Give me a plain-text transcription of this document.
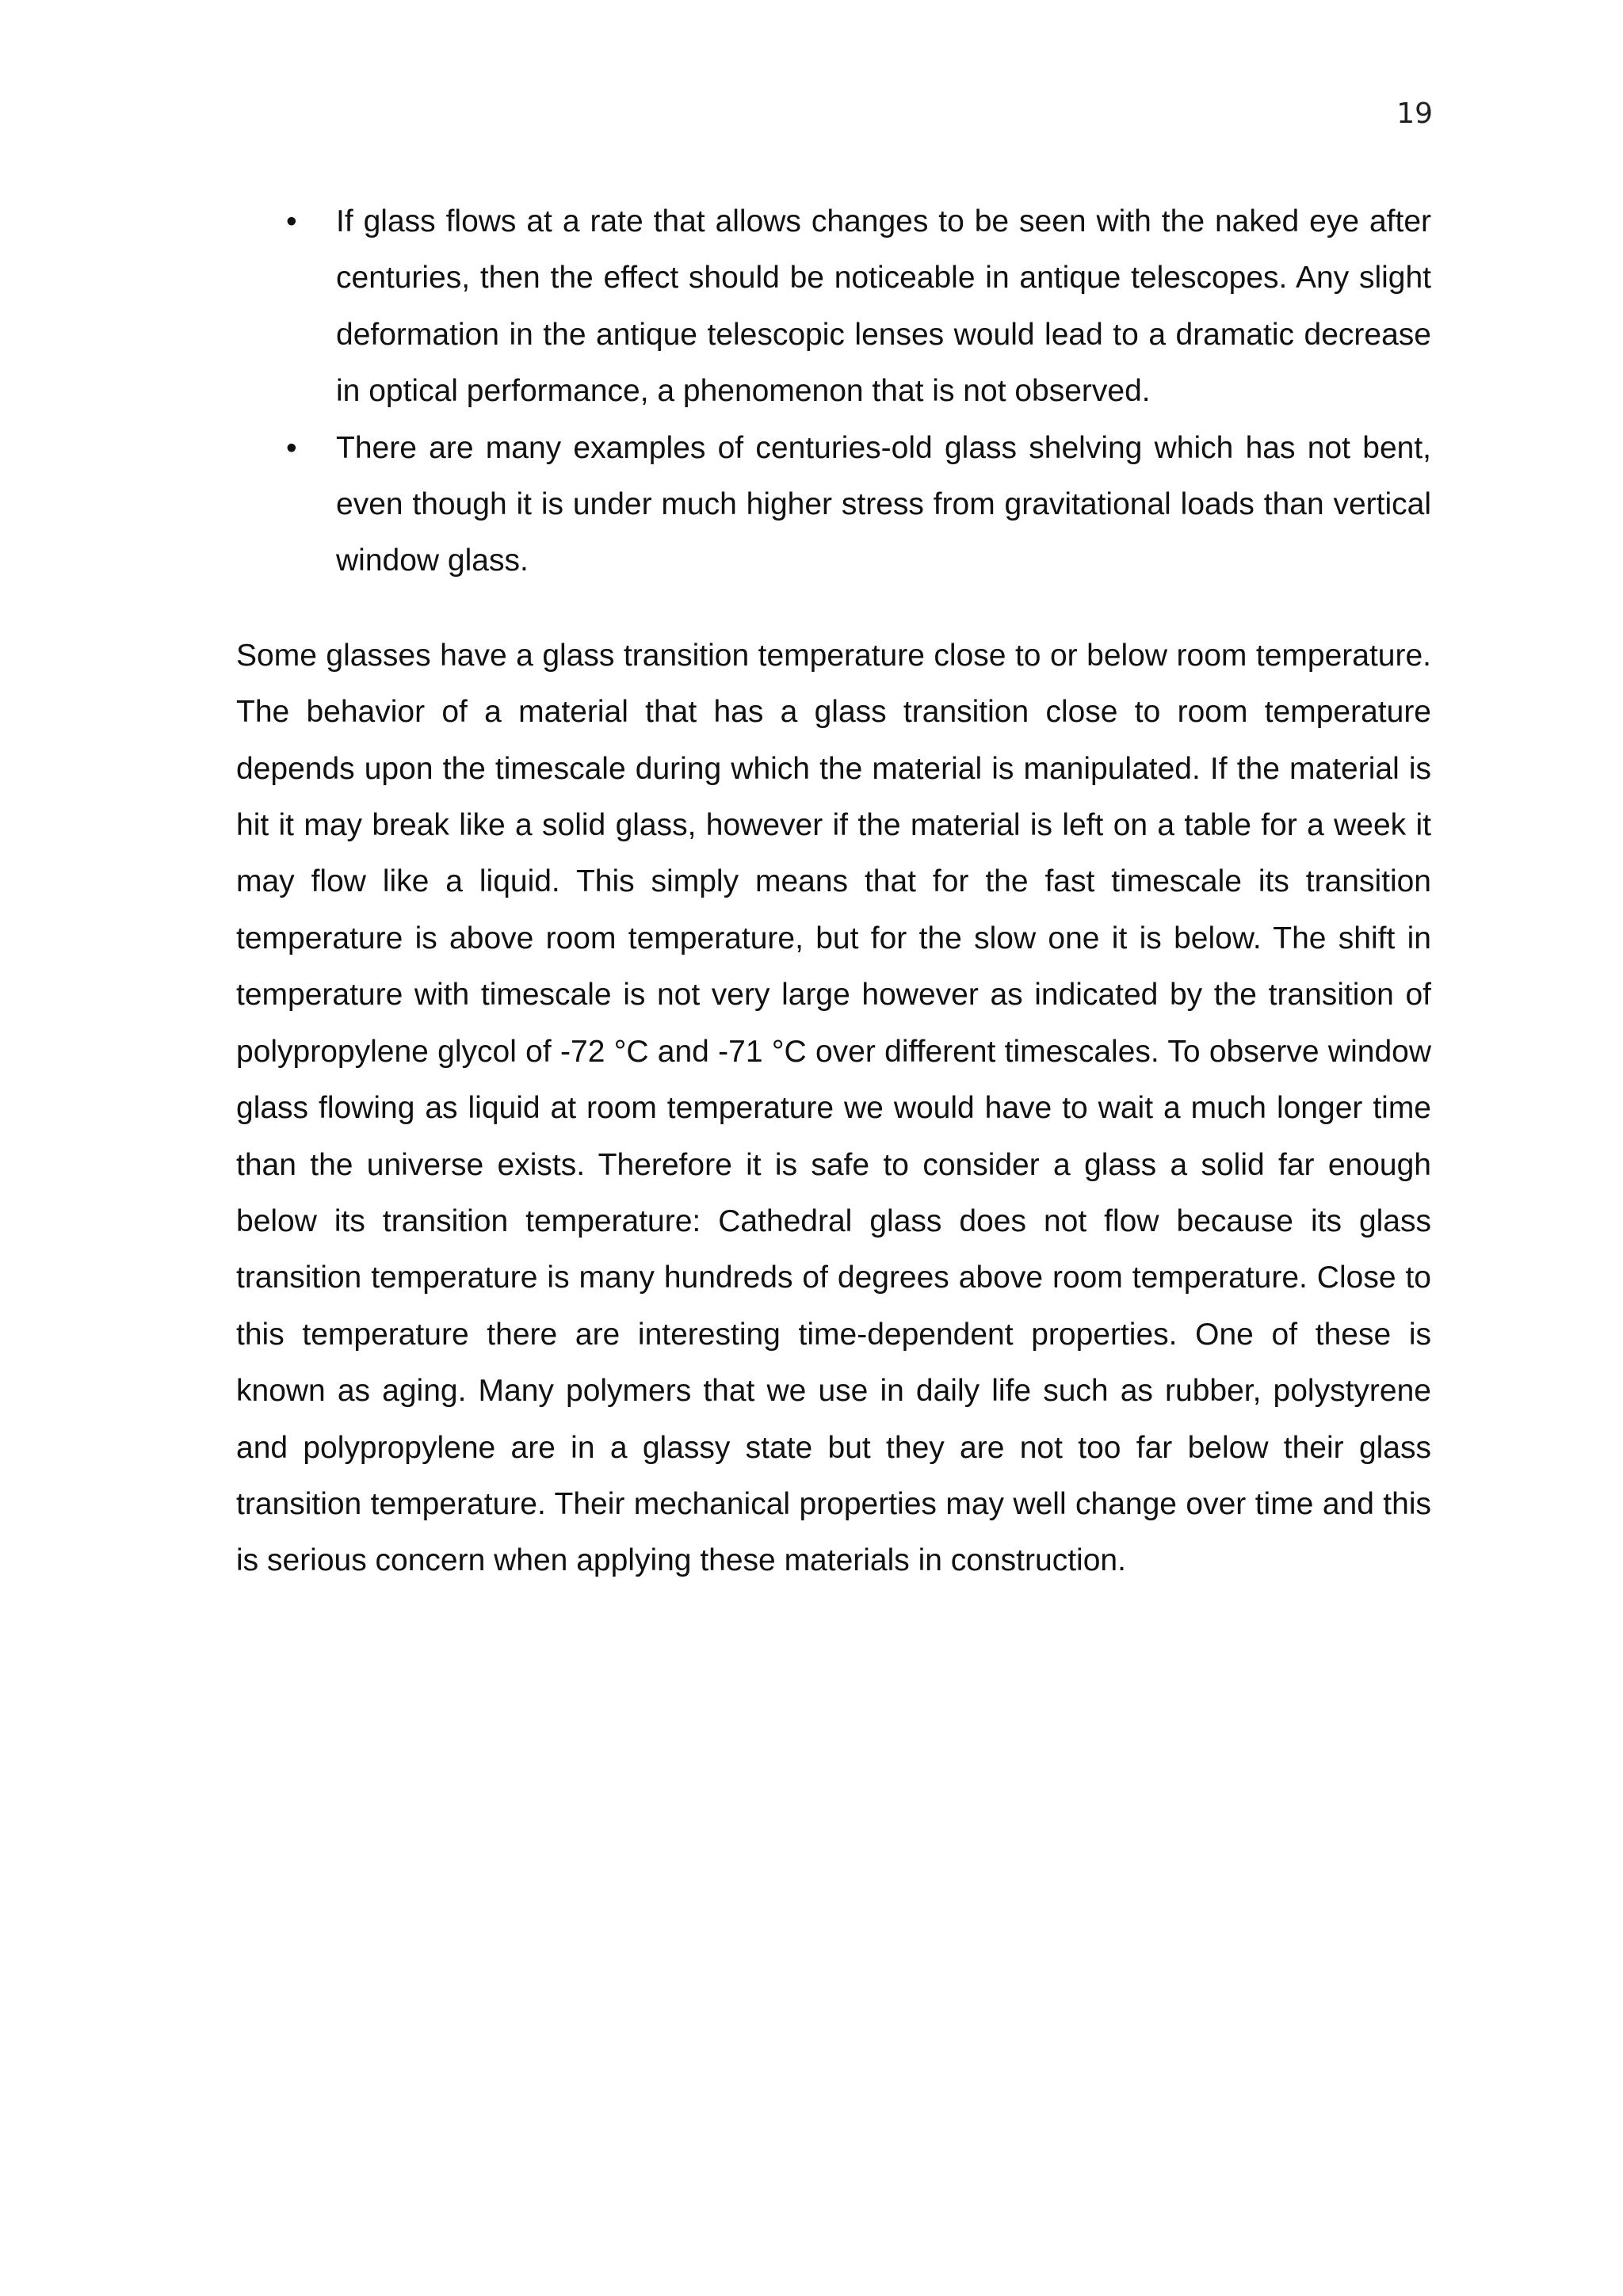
19
•	If glass flows at a rate that allows changes to be seen with the naked eye after centuries, then the effect should be noticeable in antique telescopes. Any slight deformation in the antique telescopic lenses would lead to a dramatic decrease in optical performance, a phenomenon that is not observed.
•	There are many examples of centuries-old glass shelving which has not bent, even though it is under much higher stress from gravitational loads than vertical window glass.

Some glasses have a glass transition temperature close to or below room temperature. The behavior of a material that has a glass transition close to room temperature depends upon the timescale during which the material is manipulated. If the material is hit it may break like a solid glass, however if the material is left on a table for a week it may flow like a liquid. This simply means that for the fast timescale its transition temperature is above room temperature, but for the slow one it is below. The shift in temperature with timescale is not very large however as indicated by the transition of polypropylene glycol of -72 °C and -71 °C over different timescales. To observe window glass flowing as liquid at room temperature we would have to wait a much longer time than the universe exists. Therefore it is safe to consider a glass a solid far enough below its transition temperature: Cathedral glass does not flow because its glass transition temperature is many hundreds of degrees above room temperature. Close to this temperature there are interesting time-dependent properties. One of these is known as aging. Many polymers that we use in daily life such as rubber, polystyrene and polypropylene are in a glassy state but they are not too far below their glass transition temperature. Their mechanical properties may well change over time and this is serious concern when applying these materials in construction.
